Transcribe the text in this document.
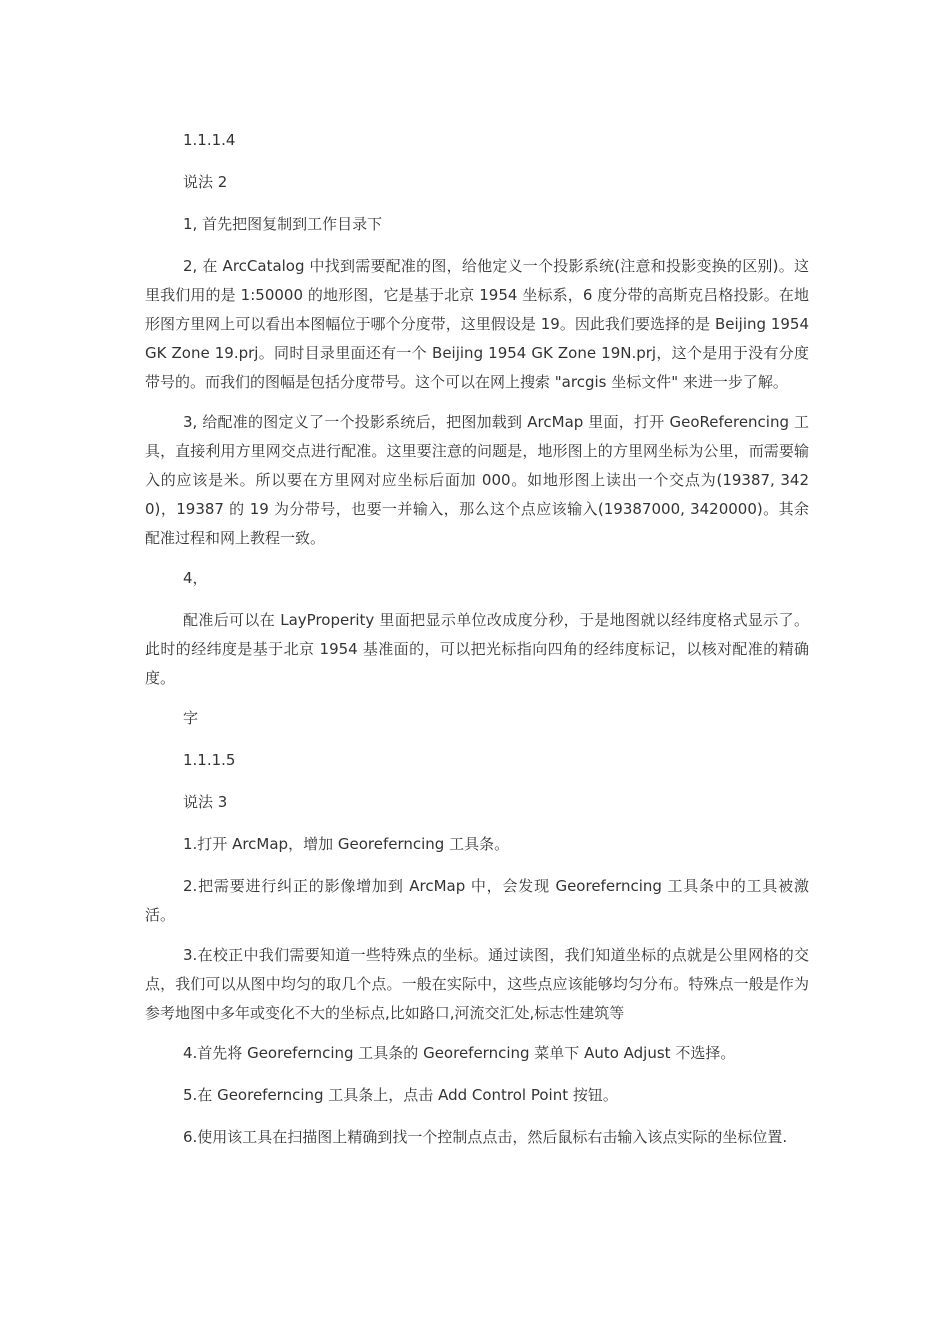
1.1.1.4

说法 2

1, 首先把图复制到工作目录下

2, 在 ArcCatalog 中找到需要配准的图，给他定义一个投影系统(注意和投影变换的区别)。这里我们用的是 1:50000 的地形图，它是基于北京 1954 坐标系，6 度分带的高斯克吕格投影。在地形图方里网上可以看出本图幅位于哪个分度带，这里假设是 19。因此我们要选择的是 Beijing 1954 GK Zone 19.prj。同时目录里面还有一个 Beijing 1954 GK Zone 19N.prj，这个是用于没有分度带号的。而我们的图幅是包括分度带号。这个可以在网上搜索 "arcgis 坐标文件" 来进一步了解。

3, 给配准的图定义了一个投影系统后，把图加载到 ArcMap 里面，打开 GeoReferencing 工具，直接利用方里网交点进行配准。这里要注意的问题是，地形图上的方里网坐标为公里，而需要输入的应该是米。所以要在方里网对应坐标后面加 000。如地形图上读出一个交点为(19387, 3420)，19387 的 19 为分带号，也要一并输入，那么这个点应该输入(19387000, 3420000)。其余配准过程和网上教程一致。

4，

配准后可以在 LayProperity 里面把显示单位改成度分秒，于是地图就以经纬度格式显示了。此时的经纬度是基于北京 1954 基准面的，可以把光标指向四角的经纬度标记，以核对配准的精确度。

字

1.1.1.5

说法 3

1.打开 ArcMap，增加 Georeferncing 工具条。

2.把需要进行纠正的影像增加到 ArcMap 中，会发现 Georeferncing 工具条中的工具被激活。

3.在校正中我们需要知道一些特殊点的坐标。通过读图，我们知道坐标的点就是公里网格的交点，我们可以从图中均匀的取几个点。一般在实际中，这些点应该能够均匀分布。特殊点一般是作为参考地图中多年或变化不大的坐标点,比如路口,河流交汇处,标志性建筑等

4.首先将 Georeferncing 工具条的 Georeferncing 菜单下 Auto Adjust 不选择。

5.在 Georeferncing 工具条上，点击 Add Control Point 按钮。

6.使用该工具在扫描图上精确到找一个控制点点击，然后鼠标右击输入该点实际的坐标位置.
